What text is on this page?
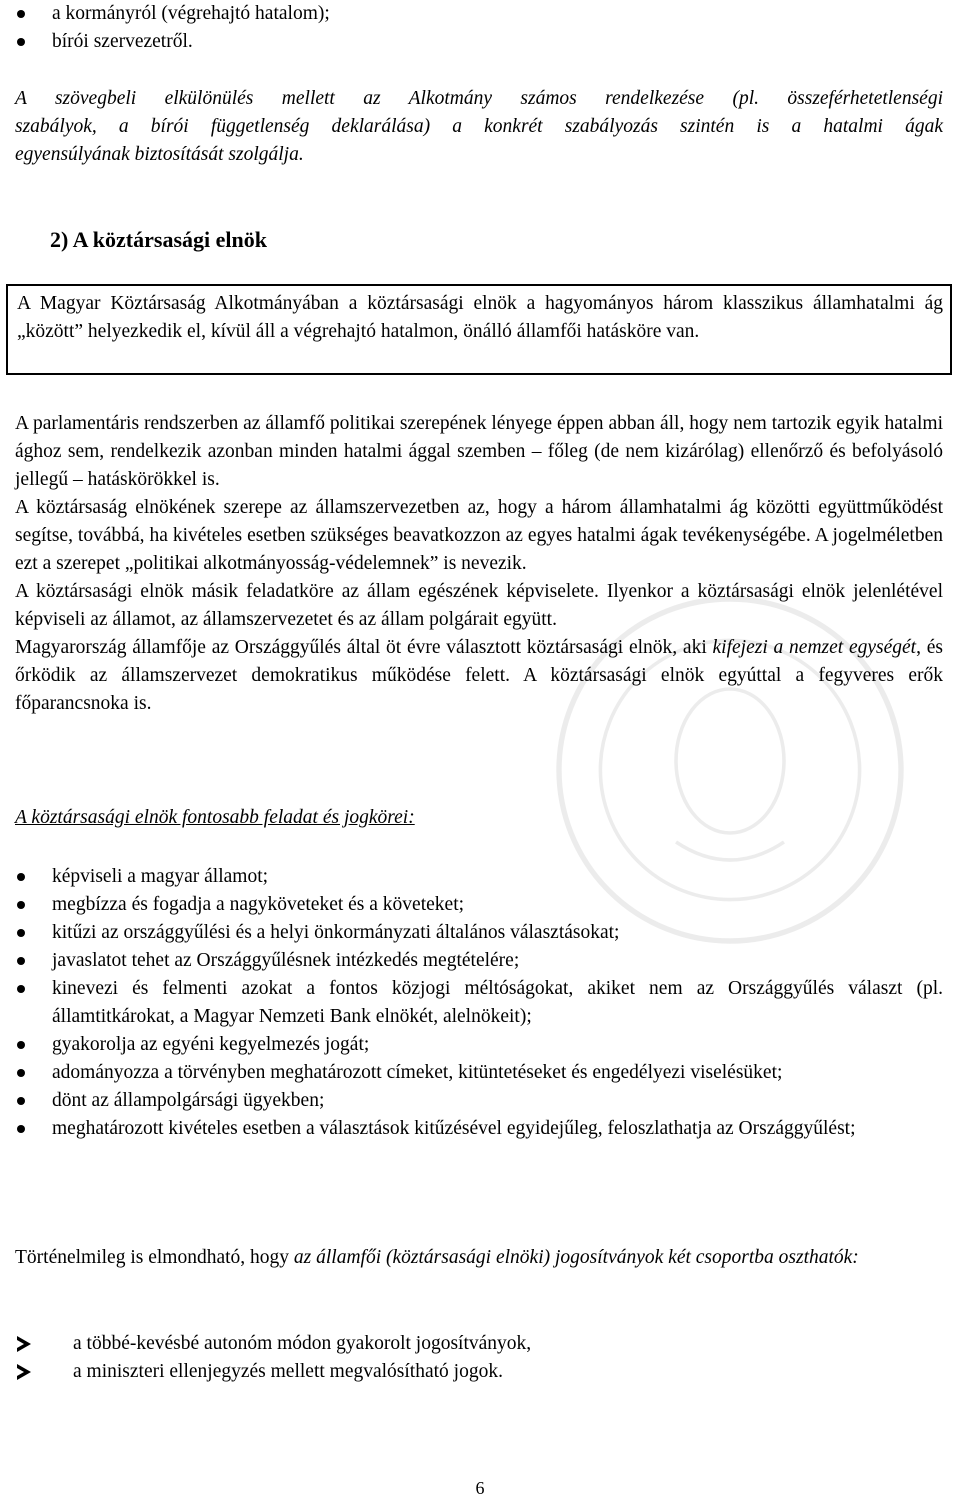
a kormányról (végrehajtó hatalom);
bírói szervezetről.
A szövegbeli elkülönülés mellett az Alkotmány számos rendelkezése (pl. összeférhetetlenségi
szabályok, a bírói függetlenség deklarálása) a konkrét szabályozás szintén is a hatalmi ágak
egyensúlyának biztosítását szolgálja.
2) A köztársasági elnök

A Magyar Köztársaság Alkotmányában a köztársasági elnök a hagyományos három klasszikus államhatalmi ág „között” helyezkedik el, kívül áll a végrehajtó hatalmon, önálló államfői hatásköre van.

A parlamentáris rendszerben az államfő politikai szerepének lényege éppen abban áll, hogy nem tartozik egyik hatalmi ághoz sem, rendelkezik azonban minden hatalmi ággal szemben – főleg (de nem kizárólag) ellenőrző és befolyásoló jellegű – hatáskörökkel is.

A köztársaság elnökének szerepe az államszervezetben az, hogy a három államhatalmi ág közötti együttműködést segítse, továbbá, ha kivételes esetben szükséges beavatkozzon az egyes hatalmi ágak tevékenységébe. A jogelméletben ezt a szerepet „politikai alkotmányosság-védelemnek” is nevezik.

A köztársasági elnök másik feladatköre az állam egészének képviselete. Ilyenkor a köztársasági elnök jelenlétével képviseli az államot, az államszervezetet és az állam polgárait együtt.

Magyarország államfője az Országgyűlés által öt évre választott köztársasági elnök, aki kifejezi a nemzet egységét, és őrködik az államszervezet demokratikus működése felett. A köztársasági elnök egyúttal a fegyveres erők főparancsnoka is.

A köztársasági elnök fontosabb feladat és jogkörei:
képviseli a magyar államot;
megbízza és fogadja a nagyköveteket és a követeket;
kitűzi az országgyűlési és a helyi önkormányzati általános választásokat;
javaslatot tehet az Országgyűlésnek intézkedés megtételére;
kinevezi és felmenti azokat a fontos közjogi méltóságokat, akiket nem az Országgyűlés választ (pl. államtitkárokat, a Magyar Nemzeti Bank elnökét, alelnökeit);
gyakorolja az egyéni kegyelmezés jogát;
adományozza a törvényben meghatározott címeket, kitüntetéseket és engedélyezi viselésüket;
dönt az állampolgársági ügyekben;
meghatározott kivételes esetben a választások kitűzésével egyidejűleg, feloszlathatja az Országgyűlést;
Történelmileg is elmondható, hogy az államfői (köztársasági elnöki) jogosítványok két csoportba oszthatók:
a többé-kevésbé autonóm módon gyakorolt jogosítványok,
a miniszteri ellenjegyzés mellett megvalósítható jogok.
6
